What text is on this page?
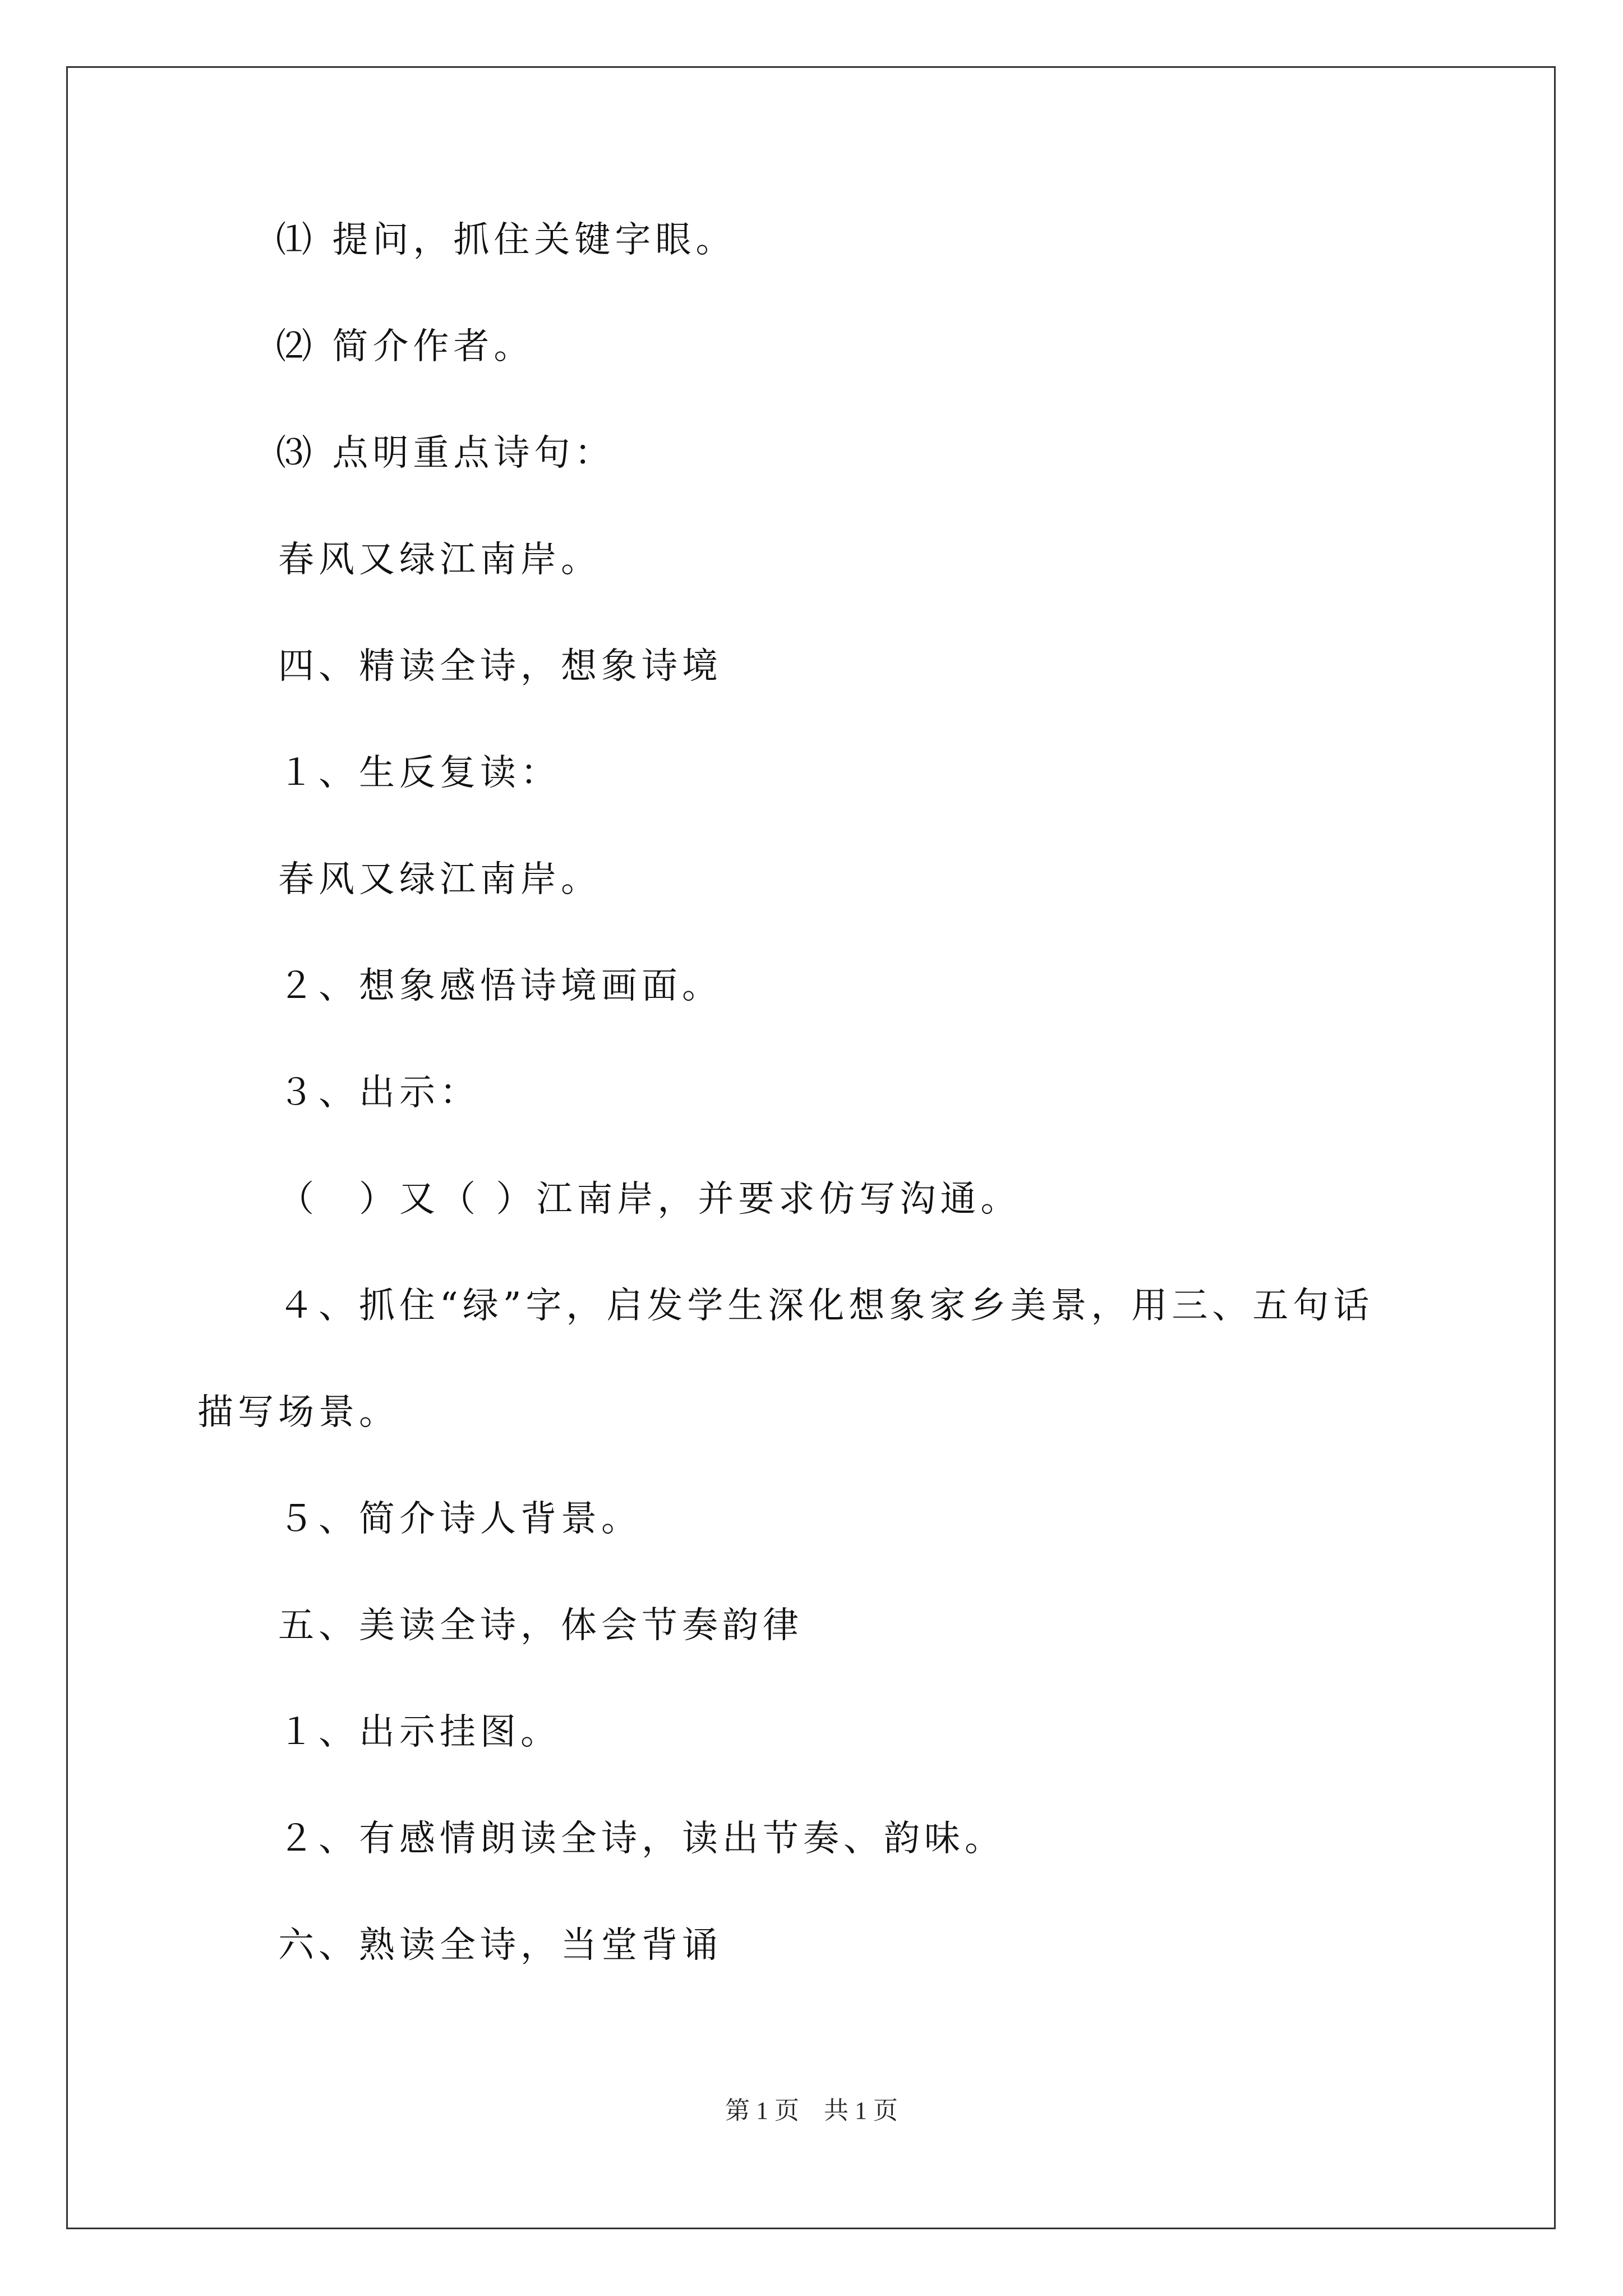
⑴ 提问，抓住关键字眼。
⑵ 简介作者。
⑶ 点明重点诗句：
春风又绿江南岸。
四、精读全诗，想象诗境
１、生反复读：
春风又绿江南岸。
２、想象感悟诗境画面。
３、出示：
（　）又（ ）江南岸，并要求仿写沟通。
４、抓住“绿”字，启发学生深化想象家乡美景，用三、五句话
描写场景。
５、简介诗人背景。
五、美读全诗，体会节奏韵律
１、出示挂图。
２、有感情朗读全诗，读出节奏、韵味。
六、熟读全诗，当堂背诵
第 1 页　共 1 页
